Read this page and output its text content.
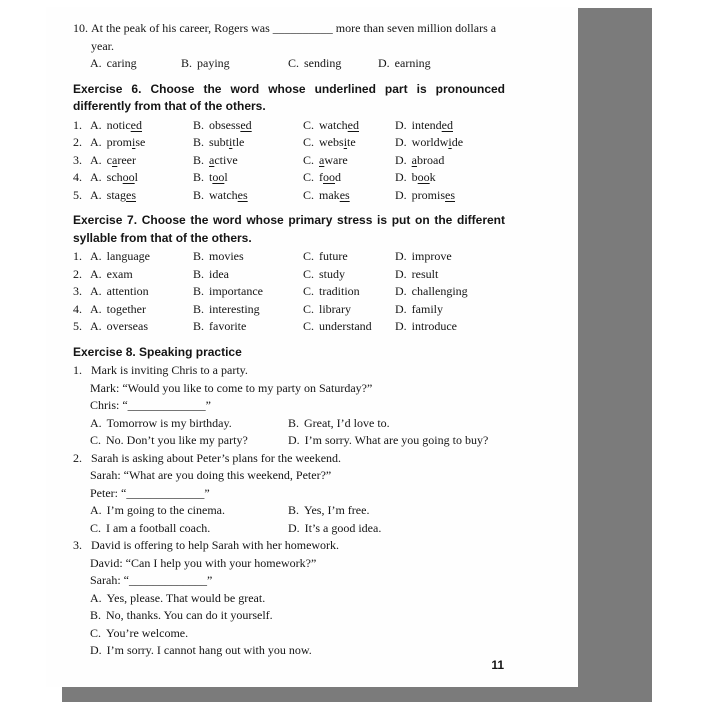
10. At the peak of his career, Rogers was __________ more than seven million dollars a year.
A. caring	B. paying	C. sending	D. earning
Exercise 6. Choose the word whose underlined part is pronounced differently from that of the others.
1. A. noticed	B. obsessed	C. watched	D. intended
2. A. promise	B. subtitle	C. website	D. worldwide
3. A. career	B. active	C. aware	D. abroad
4. A. school	B. tool	C. food	D. book
5. A. stages	B. watches	C. makes	D. promises
Exercise 7. Choose the word whose primary stress is put on the different syllable from that of the others.
1. A. language	B. movies	C. future	D. improve
2. A. exam	B. idea	C. study	D. result
3. A. attention	B. importance	C. tradition	D. challenging
4. A. together	B. interesting	C. library	D. family
5. A. overseas	B. favorite	C. understand	D. introduce
Exercise 8. Speaking practice
1. Mark is inviting Chris to a party.
Mark: “Would you like to come to my party on Saturday?”
Chris: “_____________”
A. Tomorrow is my birthday.	B. Great, I’d love to.
C. No. Don’t you like my party?	D. I’m sorry. What are you going to buy?
2. Sarah is asking about Peter’s plans for the weekend.
Sarah: “What are you doing this weekend, Peter?”
Peter: “_____________”
A. I’m going to the cinema.	B. Yes, I’m free.
C. I am a football coach.	D. It’s a good idea.
3. David is offering to help Sarah with her homework.
David: “Can I help you with your homework?”
Sarah: “_____________”
A. Yes, please. That would be great.
B. No, thanks. You can do it yourself.
C. You’re welcome.
D. I’m sorry. I cannot hang out with you now.
11
